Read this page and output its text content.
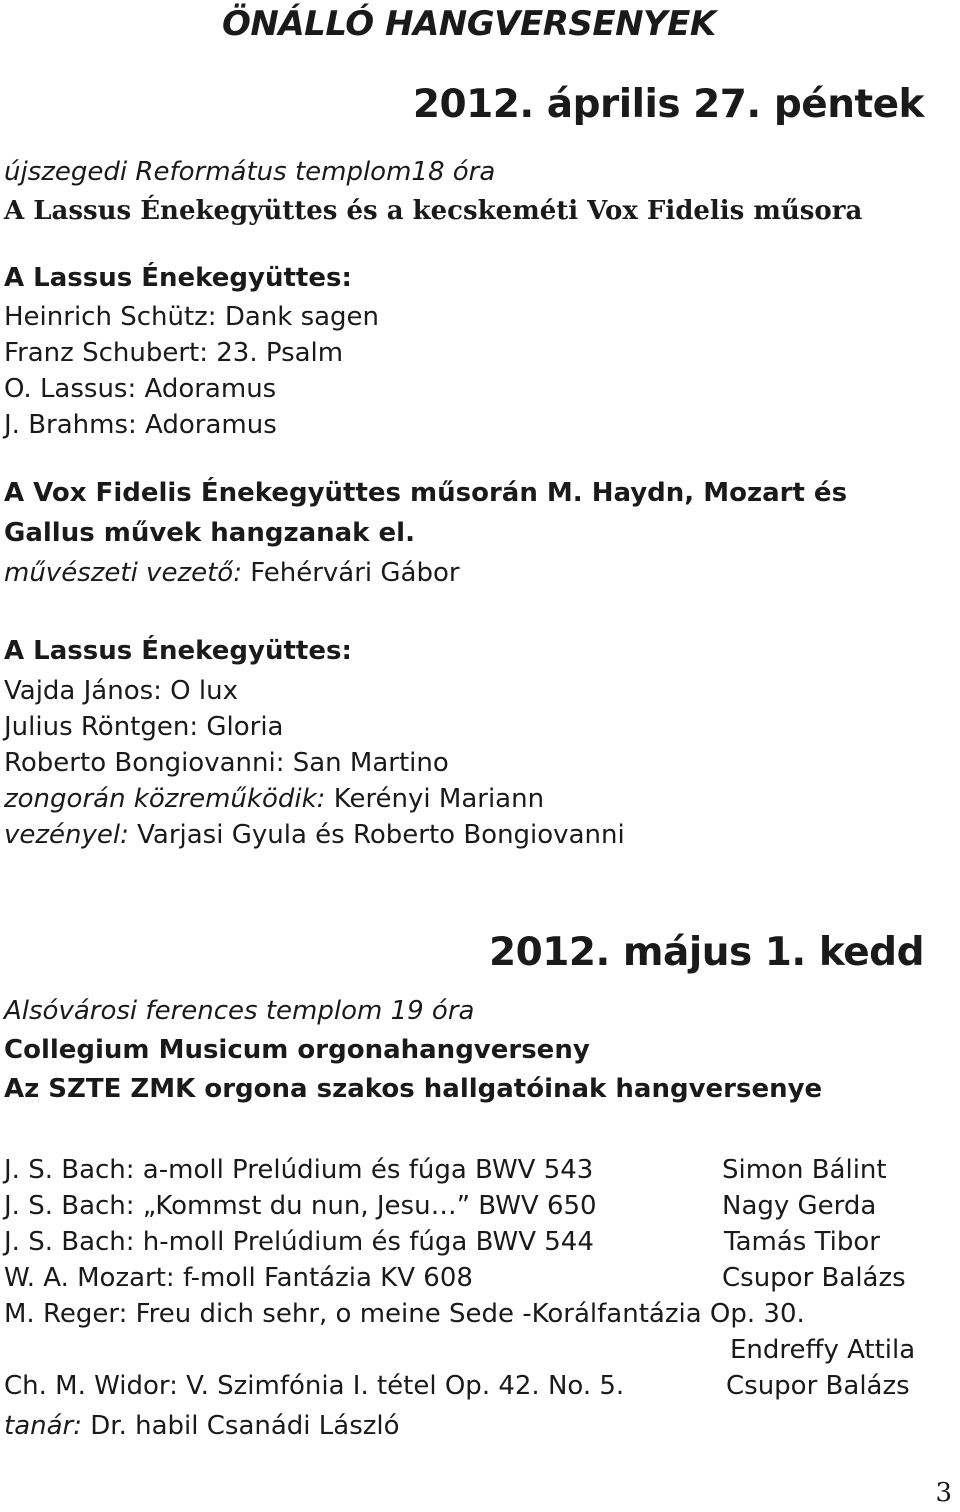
ÖNÁLLÓ HANGVERSENYEK
2012. április 27. péntek
újszegedi Református templom18 óra
A Lassus Énekegyüttes és a kecskeméti Vox Fidelis műsora
A Lassus Énekegyüttes:
Heinrich Schütz: Dank sagen
Franz Schubert: 23. Psalm
O. Lassus: Adoramus
J. Brahms: Adoramus
A Vox Fidelis Énekegyüttes műsorán M. Haydn, Mozart és
Gallus művek hangzanak el.
művészeti vezető: Fehérvári Gábor
A Lassus Énekegyüttes:
Vajda János: O lux
Julius Röntgen: Gloria
Roberto Bongiovanni: San Martino
zongorán közreműködik: Kerényi Mariann
vezényel: Varjasi Gyula és Roberto Bongiovanni
2012. május 1. kedd
Alsóvárosi ferences templom 19 óra
Collegium Musicum orgonahangverseny
Az SZTE ZMK orgona szakos hallgatóinak hangversenye
J. S. Bach: a-moll Prelúdium és fúga BWV 543	Simon Bálint
J. S. Bach: „Kommst du nun, Jesu…” BWV 650	Nagy Gerda
J. S. Bach: h-moll Prelúdium és fúga BWV 544	Tamás Tibor
W. A. Mozart: f-moll Fantázia KV 608	Csupor Balázs
M. Reger: Freu dich sehr, o meine Sede -Korálfantázia Op. 30.
Endreffy Attila
Ch. M. Widor: V. Szimfónia I. tétel Op. 42. No. 5.	Csupor Balázs
tanár: Dr. habil Csanádi László
3
